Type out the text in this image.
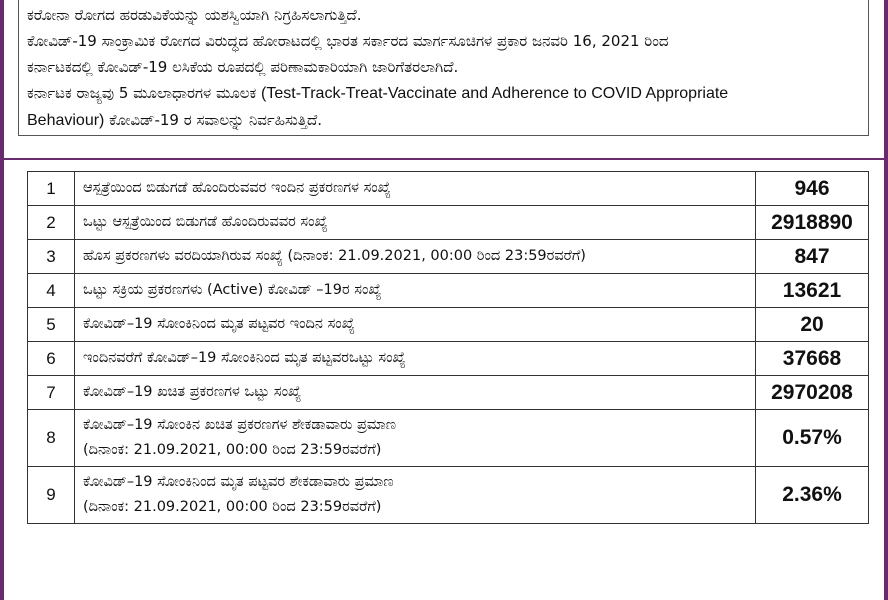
ಕರೋನಾ ರೋಗದ ಹರಡುವಿಕೆಯನ್ನು ಯಶಸ್ವಿಯಾಗಿ ನಿಗ್ರಹಿಸಲಾಗುತ್ತಿದೆ.
ಕೋವಿಡ್-19 ಸಾಂಕ್ರಾಮಿಕ ರೋಗದ ವಿರುದ್ಧದ ಹೋರಾಟದಲ್ಲಿ ಭಾರತ ಸರ್ಕಾರದ ಮಾರ್ಗಸೂಚಿಗಳ ಪ್ರಕಾರ ಜನವರಿ 16, 2021 ರಿಂದ
ಕರ್ನಾಟಕದಲ್ಲಿ ಕೋವಿಡ್-19 ಲಸಿಕೆಯ ರೂಪದಲ್ಲಿ ಪರಿಣಾಮಕಾರಿಯಾಗಿ ಜಾರಿಗೆತರಲಾಗಿದೆ.
ಕರ್ನಾಟಕ ರಾಜ್ಯವು 5 ಮೂಲಾಧಾರಗಳ ಮೂಲಕ (Test-Track-Treat-Vaccinate and Adherence to COVID Appropriate
Behaviour) ಕೋವಿಡ್-19 ರ ಸವಾಲನ್ನು ನಿರ್ವಹಿಸುತ್ತಿದೆ.
1	ಆಸ್ಪತ್ರೆಯಿಂದ ಬಿಡುಗಡೆ ಹೊಂದಿರುವವರ ಇಂದಿನ ಪ್ರಕರಣಗಳ ಸಂಖ್ಯೆ	946
2	ಒಟ್ಟು ಆಸ್ಪತ್ರೆಯಿಂದ ಬಿಡುಗಡೆ ಹೊಂದಿರುವವರ ಸಂಖ್ಯೆ	2918890
3	ಹೊಸ ಪ್ರಕರಣಗಳು ವರದಿಯಾಗಿರುವ ಸಂಖ್ಯೆ (ದಿನಾಂಕ: 21.09.2021, 00:00 ರಿಂದ 23:59ರವರೆಗೆ)	847
4	ಒಟ್ಟು ಸಕ್ರಿಯ ಪ್ರಕರಣಗಳು (Active) ಕೋವಿಡ್ –19ರ ಸಂಖ್ಯೆ	13621
5	ಕೋವಿಡ್–19 ಸೋಂಕಿನಿಂದ ಮೃತ ಪಟ್ಟವರ ಇಂದಿನ ಸಂಖ್ಯೆ	20
6	ಇಂದಿನವರೆಗೆ ಕೋವಿಡ್–19 ಸೋಂಕಿನಿಂದ ಮೃತ ಪಟ್ಟವರಒಟ್ಟು ಸಂಖ್ಯೆ	37668
7	ಕೋವಿಡ್–19 ಖಚಿತ ಪ್ರಕರಣಗಳ ಒಟ್ಟು ಸಂಖ್ಯೆ	2970208
8	ಕೋವಿಡ್–19 ಸೋಂಕಿನ ಖಚಿತ ಪ್ರಕರಣಗಳ ಶೇಕಡಾವಾರು ಪ್ರಮಾಣ
(ದಿನಾಂಕ: 21.09.2021, 00:00 ರಿಂದ 23:59ರವರೆಗೆ)	0.57%
9	ಕೋವಿಡ್–19 ಸೋಂಕಿನಿಂದ ಮೃತ ಪಟ್ಟವರ ಶೇಕಡಾವಾರು ಪ್ರಮಾಣ
(ದಿನಾಂಕ: 21.09.2021, 00:00 ರಿಂದ 23:59ರವರೆಗೆ)	2.36%
